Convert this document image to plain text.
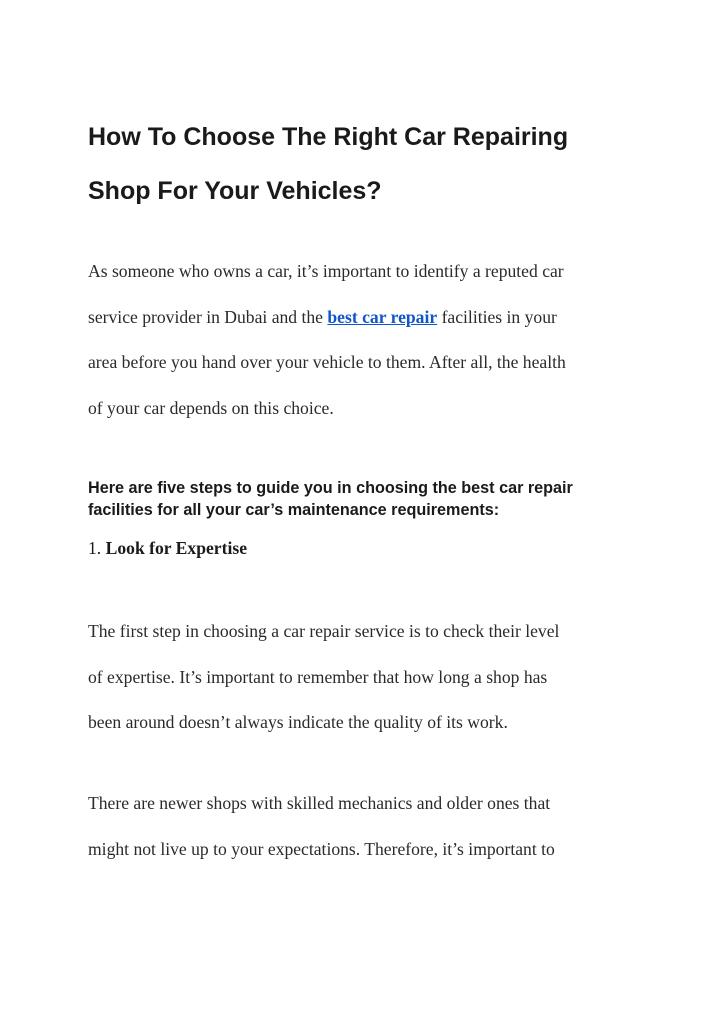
How To Choose The Right Car Repairing
Shop For Your Vehicles?

As someone who owns a car, it’s important to identify a reputed car
service provider in Dubai and the best car repair facilities in your
area before you hand over your vehicle to them. After all, the health
of your car depends on this choice.

Here are five steps to guide you in choosing the best car repair
facilities for all your car’s maintenance requirements:

1. Look for Expertise

The first step in choosing a car repair service is to check their level
of expertise. It’s important to remember that how long a shop has
been around doesn’t always indicate the quality of its work.

There are newer shops with skilled mechanics and older ones that
might not live up to your expectations. Therefore, it’s important to
